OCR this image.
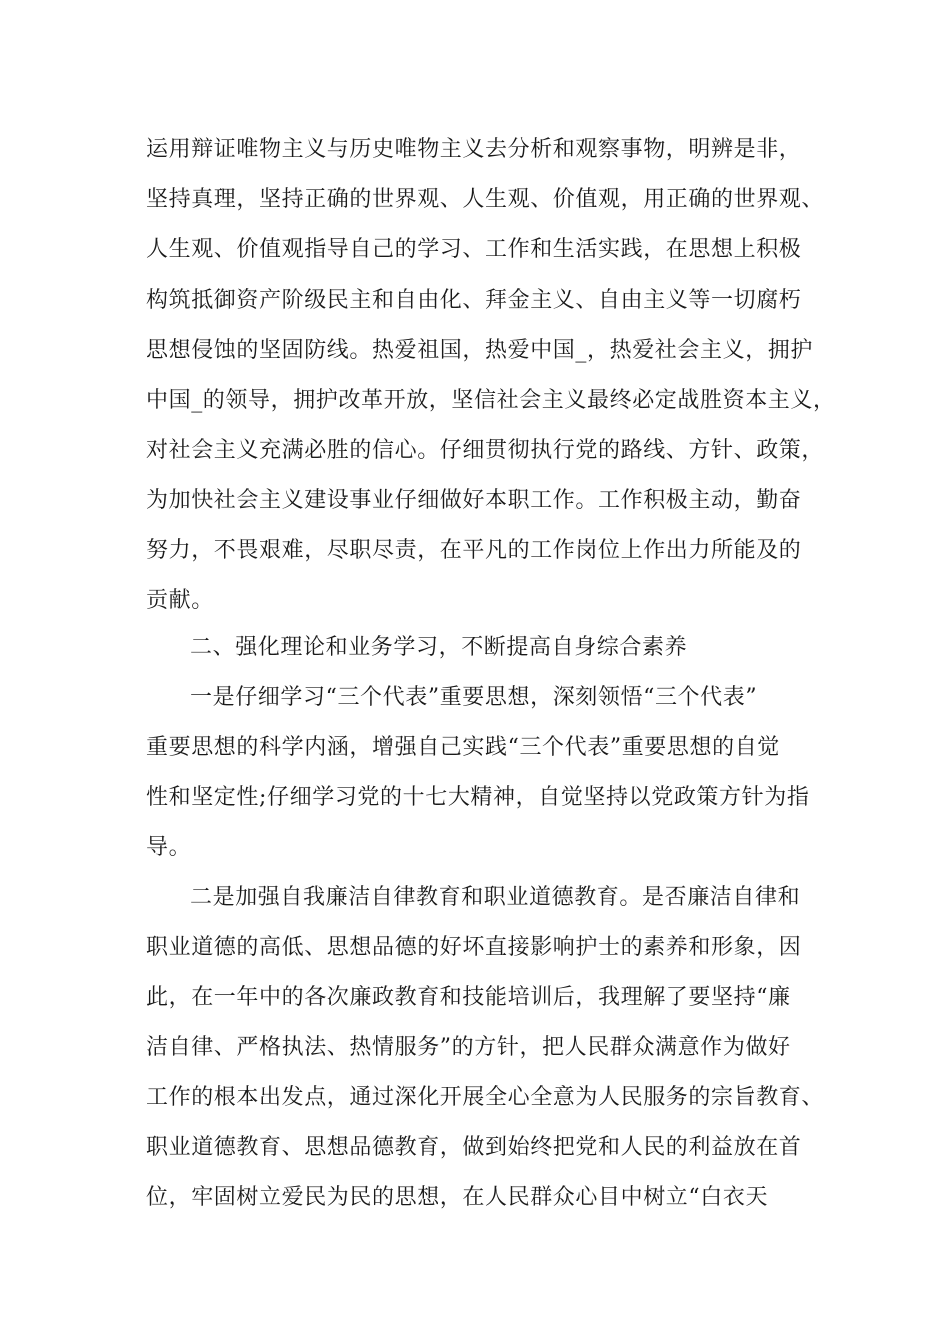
运用辩证唯物主义与历史唯物主义去分析和观察事物，明辨是非，

坚持真理，坚持正确的世界观、人生观、价值观，用正确的世界观、

人生观、价值观指导自己的学习、工作和生活实践，在思想上积极

构筑抵御资产阶级民主和自由化、拜金主义、自由主义等一切腐朽

思想侵蚀的坚固防线。热爱祖国，热爱中国_，热爱社会主义，拥护

中国_的领导，拥护改革开放，坚信社会主义最终必定战胜资本主义，

对社会主义充满必胜的信心。仔细贯彻执行党的路线、方针、政策，

为加快社会主义建设事业仔细做好本职工作。工作积极主动，勤奋

努力，不畏艰难，尽职尽责，在平凡的工作岗位上作出力所能及的

贡献。

二、强化理论和业务学习，不断提高自身综合素养

一是仔细学习“三个代表”重要思想，深刻领悟“三个代表”

重要思想的科学内涵，增强自己实践“三个代表”重要思想的自觉

性和坚定性;仔细学习党的十七大精神，自觉坚持以党政策方针为指

导。

二是加强自我廉洁自律教育和职业道德教育。是否廉洁自律和

职业道德的高低、思想品德的好坏直接影响护士的素养和形象，因

此，在一年中的各次廉政教育和技能培训后，我理解了要坚持“廉

洁自律、严格执法、热情服务”的方针，把人民群众满意作为做好

工作的根本出发点，通过深化开展全心全意为人民服务的宗旨教育、

职业道德教育、思想品德教育，做到始终把党和人民的利益放在首

位，牢固树立爱民为民的思想，在人民群众心目中树立“白衣天
